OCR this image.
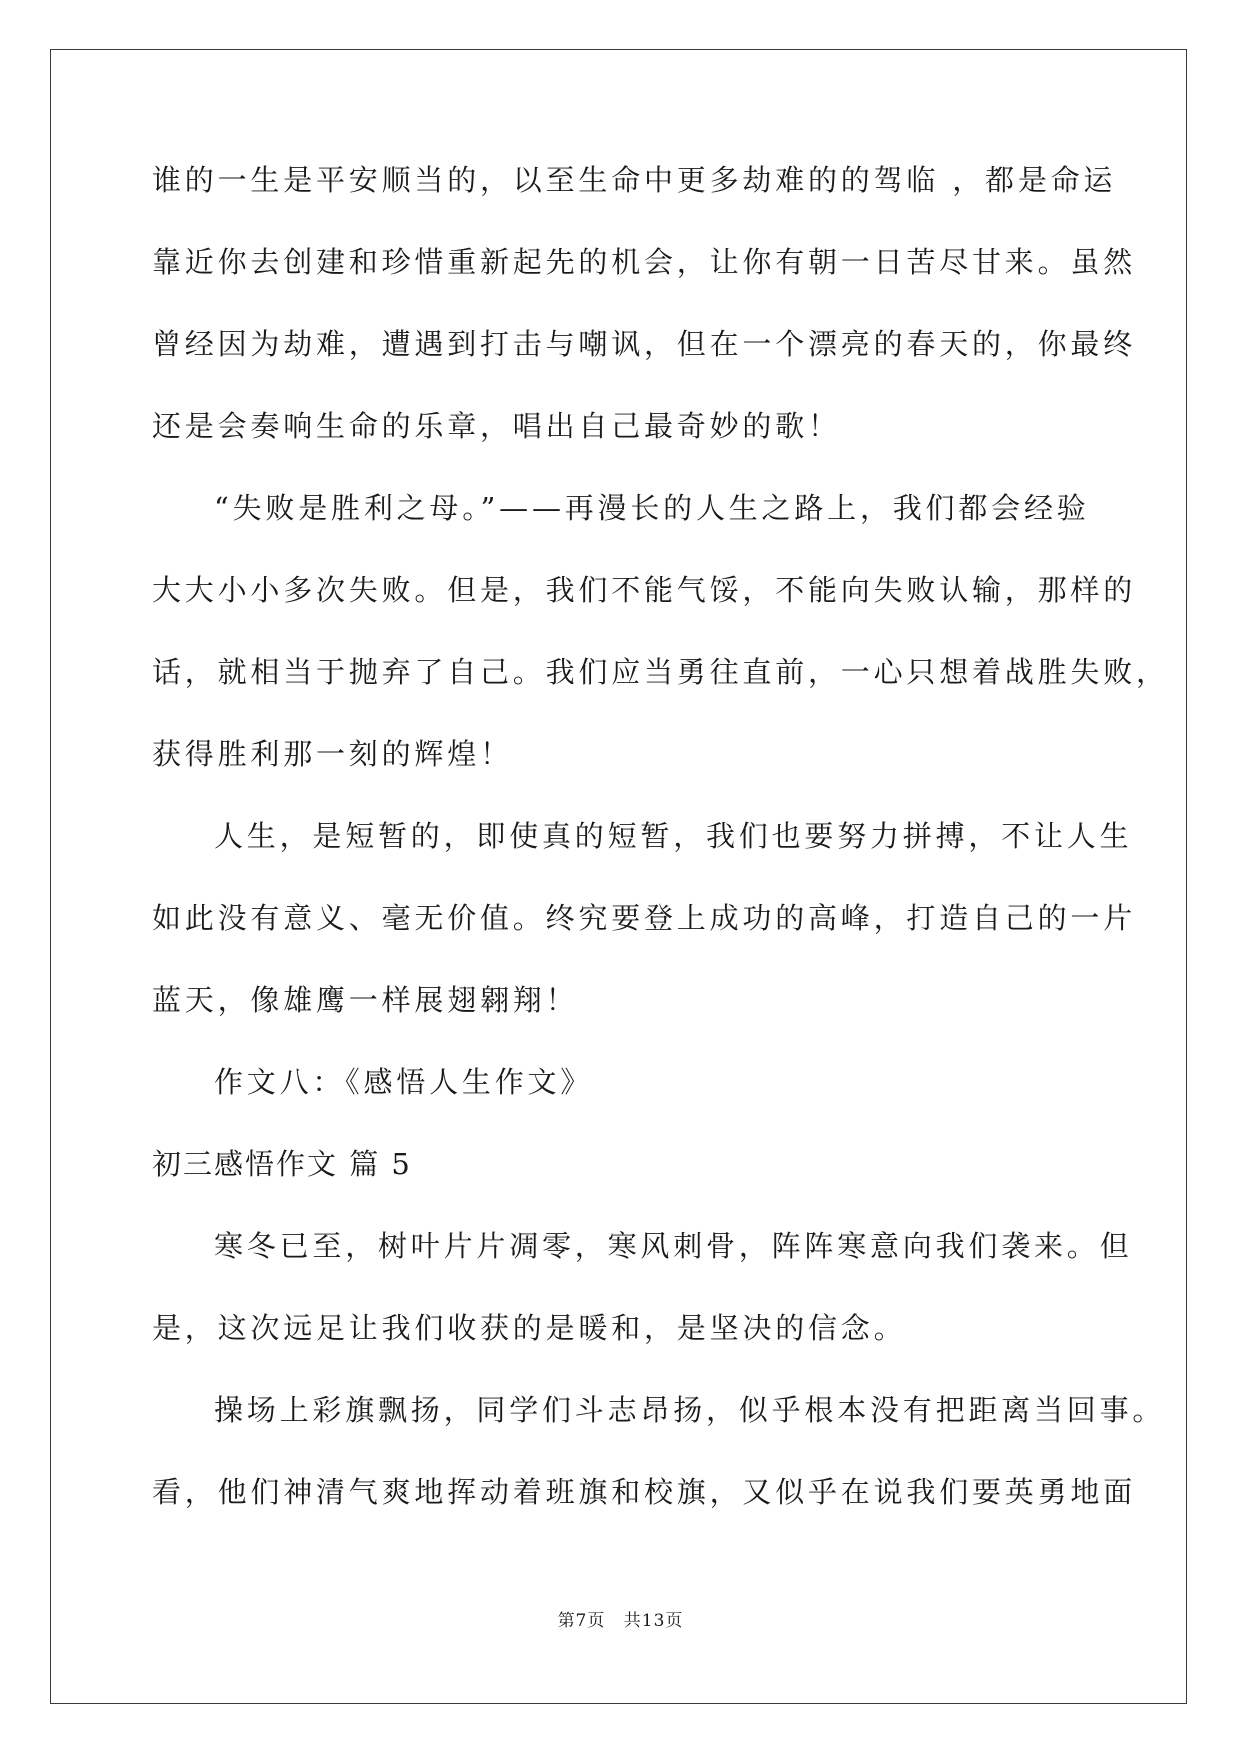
谁的一生是平安顺当的，以至生命中更多劫难的的驾临 ，都是命运
靠近你去创建和珍惜重新起先的机会，让你有朝一日苦尽甘来。虽然
曾经因为劫难，遭遇到打击与嘲讽，但在一个漂亮的春天的，你最终
还是会奏响生命的乐章，唱出自己最奇妙的歌！
“失败是胜利之母。”——再漫长的人生之路上，我们都会经验
大大小小多次失败。但是，我们不能气馁，不能向失败认输，那样的
话，就相当于抛弃了自己。我们应当勇往直前，一心只想着战胜失败，
获得胜利那一刻的辉煌！
人生，是短暂的，即使真的短暂，我们也要努力拼搏，不让人生
如此没有意义、毫无价值。终究要登上成功的高峰，打造自己的一片
蓝天，像雄鹰一样展翅翱翔！
作文八：《感悟人生作文》
初三感悟作文 篇 5
寒冬已至，树叶片片凋零，寒风刺骨，阵阵寒意向我们袭来。但
是，这次远足让我们收获的是暖和，是坚决的信念。
操场上彩旗飘扬，同学们斗志昂扬，似乎根本没有把距离当回事。
看，他们神清气爽地挥动着班旗和校旗，又似乎在说我们要英勇地面
第7页 共13页
